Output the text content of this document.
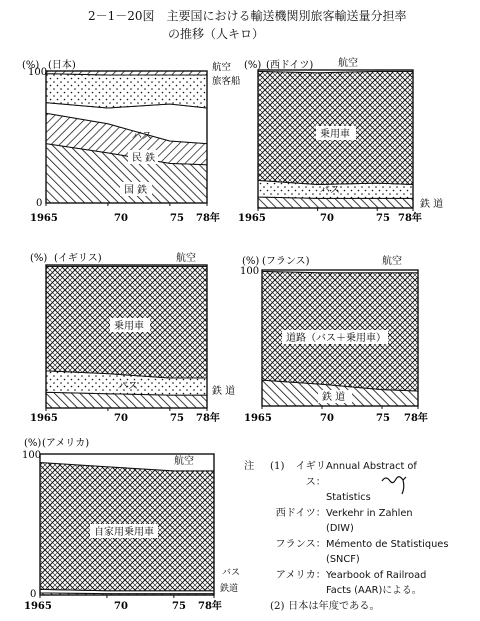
2－1－20図　主要国における輸送機関別旅客輸送量分担率
の推移（人キロ）
(%) (日本)
100
0
1965	70	75 78年
国 鉄
民 鉄
バス
航空
旅客船
(%) (西ドイツ)
1965	70	75 78年
航空
乗用車
バス
鉄 道
(%) (イギリス)
1965	70	75 78年
航空
乗用車
バス	鉄 道
(%) (フランス)
100
1965	70	75 78年
航空
道路（バス＋乗用車）
鉄 道
(%) (アメリカ)
100
0
1965	70	75 78年
航空
自家用乗用車
バス
鉄道
注	(1)	イギリス：
Annual Abstract of
Statistics
西ドイツ： Verkehr in Zahlen
(DIW)
フランス： Mémento de Statistiques
(SNCF)
アメリカ： Yearbook of Railroad
Facts (AAR)による。
(2) 日本は年度である。
